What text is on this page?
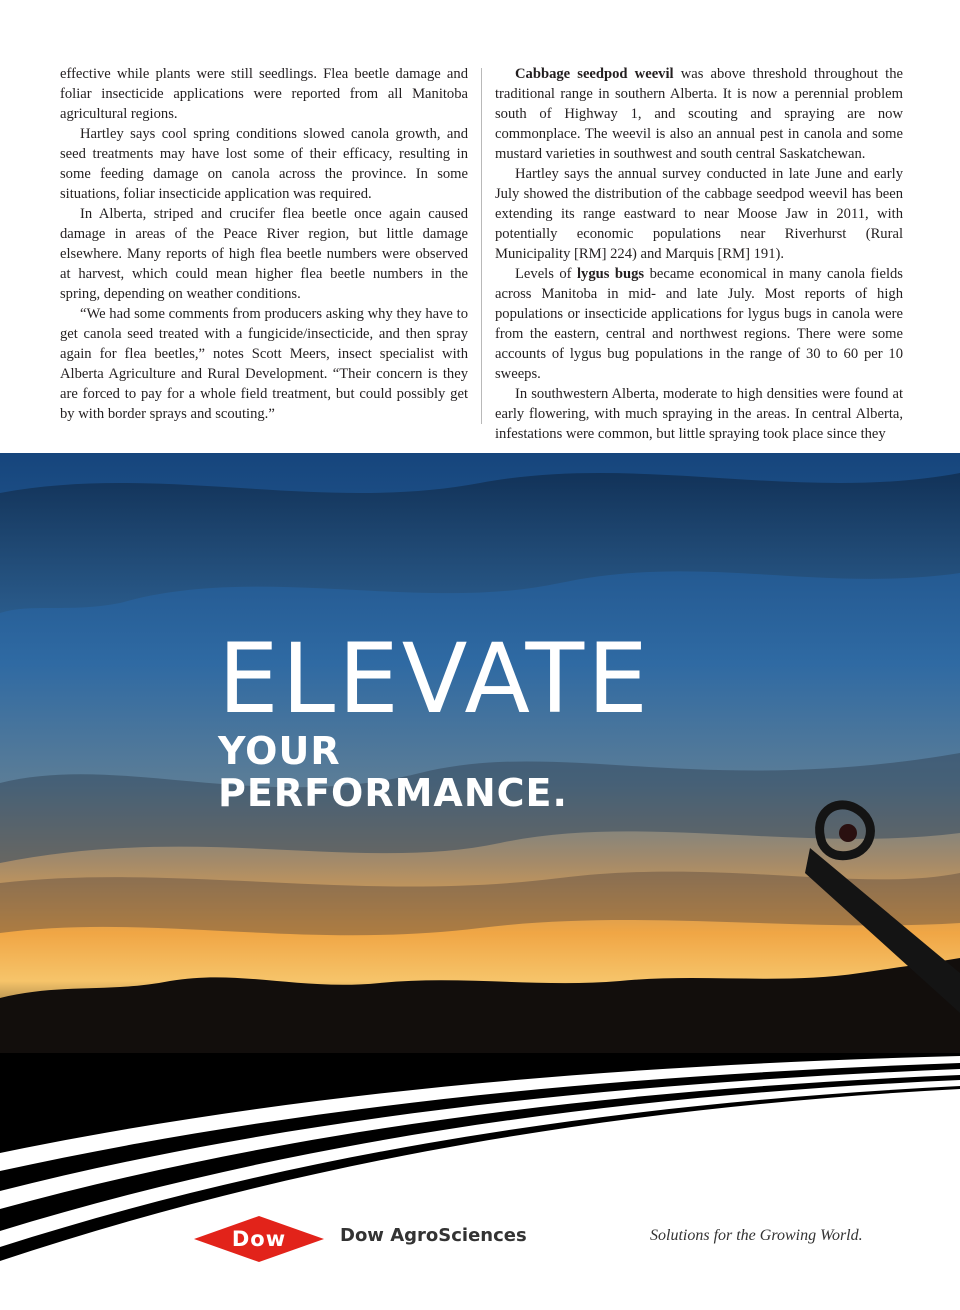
effective while plants were still seedlings. Flea beetle damage and foliar insecticide applications were reported from all Manitoba agricultural regions.

Hartley says cool spring conditions slowed canola growth, and seed treatments may have lost some of their efficacy, resulting in some feeding damage on canola across the province. In some situations, foliar insecticide application was required.

In Alberta, striped and crucifer flea beetle once again caused damage in areas of the Peace River region, but little damage elsewhere. Many reports of high flea beetle numbers were observed at harvest, which could mean higher flea beetle numbers in the spring, depending on weather conditions.

“We had some comments from producers asking why they have to get canola seed treated with a fungicide/insecticide, and then spray again for flea beetles,” notes Scott Meers, insect specialist with Alberta Agriculture and Rural Development. “Their concern is they are forced to pay for a whole field treatment, but could possibly get by with border sprays and scouting.”

Cabbage seedpod weevil was above threshold throughout the traditional range in southern Alberta. It is now a perennial problem south of Highway 1, and scouting and spraying are now commonplace. The weevil is also an annual pest in canola and some mustard varieties in southwest and south central Saskatchewan.

Hartley says the annual survey conducted in late June and early July showed the distribution of the cabbage seedpod weevil has been extending its range eastward to near Moose Jaw in 2011, with potentially economic populations near Riverhurst (Rural Municipality [RM] 224) and Marquis [RM] 191).

Levels of lygus bugs became economical in many canola fields across Manitoba in mid- and late July. Most reports of high populations or insecticide applications for lygus bugs in canola were from the eastern, central and northwest regions. There were some accounts of lygus bug populations in the range of 30 to 60 per 10 sweeps.

In southwestern Alberta, moderate to high densities were found at early flowering, with much spraying in the areas. In central Alberta, infestations were common, but little spraying took place since they

ELEVATE
YOUR
PERFORMANCE.
Dow	Dow AgroSciences	Solutions for the Growing World.
